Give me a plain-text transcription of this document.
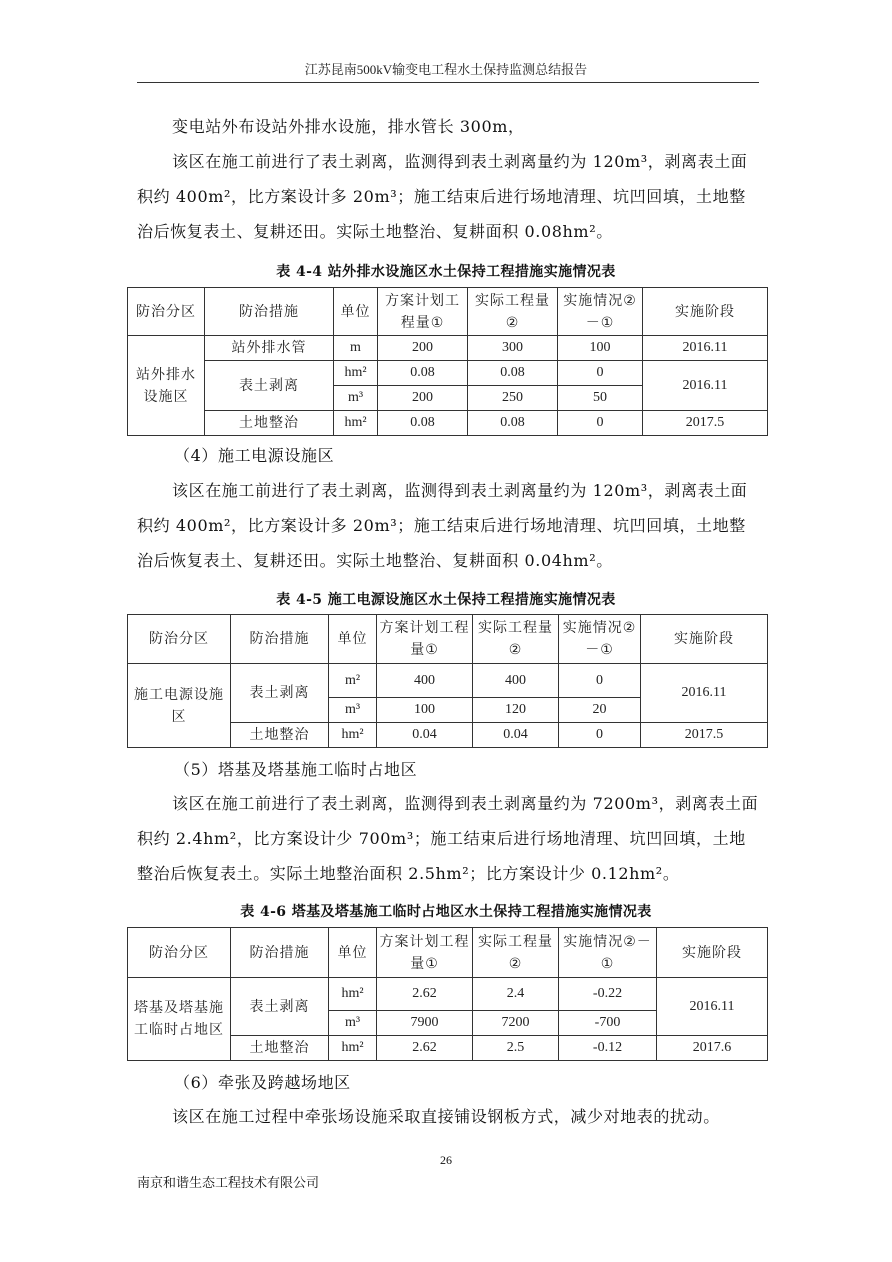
江苏昆南500kV输变电工程水土保持监测总结报告
变电站外布设站外排水设施，排水管长 300m，
该区在施工前进行了表土剥离，监测得到表土剥离量约为 120m³，剥离表土面积约 400m²，比方案设计多 20m³；施工结束后进行场地清理、坑凹回填，土地整治后恢复表土、复耕还田。实际土地整治、复耕面积 0.08hm²。
表 4-4 站外排水设施区水土保持工程措施实施情况表
防治分区	防治措施	单位	方案计划工程量①	实际工程量②	实施情况②－①	实施阶段
站外排水设施区	站外排水管	m	200	300	100	2016.11
	表土剥离	hm²	0.08	0.08	0	2016.11
		m³	200	250	50	
	土地整治	hm²	0.08	0.08	0	2017.5
（4）施工电源设施区
该区在施工前进行了表土剥离，监测得到表土剥离量约为 120m³，剥离表土面积约 400m²，比方案设计多 20m³；施工结束后进行场地清理、坑凹回填，土地整治后恢复表土、复耕还田。实际土地整治、复耕面积 0.04hm²。
表 4-5 施工电源设施区水土保持工程措施实施情况表
防治分区	防治措施	单位	方案计划工程量①	实际工程量②	实施情况②－①	实施阶段
施工电源设施区	表土剥离	m²	400	400	0	2016.11
		m³	100	120	20	
	土地整治	hm²	0.04	0.04	0	2017.5
（5）塔基及塔基施工临时占地区
该区在施工前进行了表土剥离，监测得到表土剥离量约为 7200m³，剥离表土面积约 2.4hm²，比方案设计少 700m³；施工结束后进行场地清理、坑凹回填，土地整治后恢复表土。实际土地整治面积 2.5hm²；比方案设计少 0.12hm²。
表 4-6 塔基及塔基施工临时占地区水土保持工程措施实施情况表
防治分区	防治措施	单位	方案计划工程量①	实际工程量②	实施情况②－①	实施阶段
塔基及塔基施工临时占地区	表土剥离	hm²	2.62	2.4	-0.22	2016.11
		m³	7900	7200	-700	
	土地整治	hm²	2.62	2.5	-0.12	2017.6
（6）牵张及跨越场地区
该区在施工过程中牵张场设施采取直接铺设钢板方式，减少对地表的扰动。
26
南京和谐生态工程技术有限公司
